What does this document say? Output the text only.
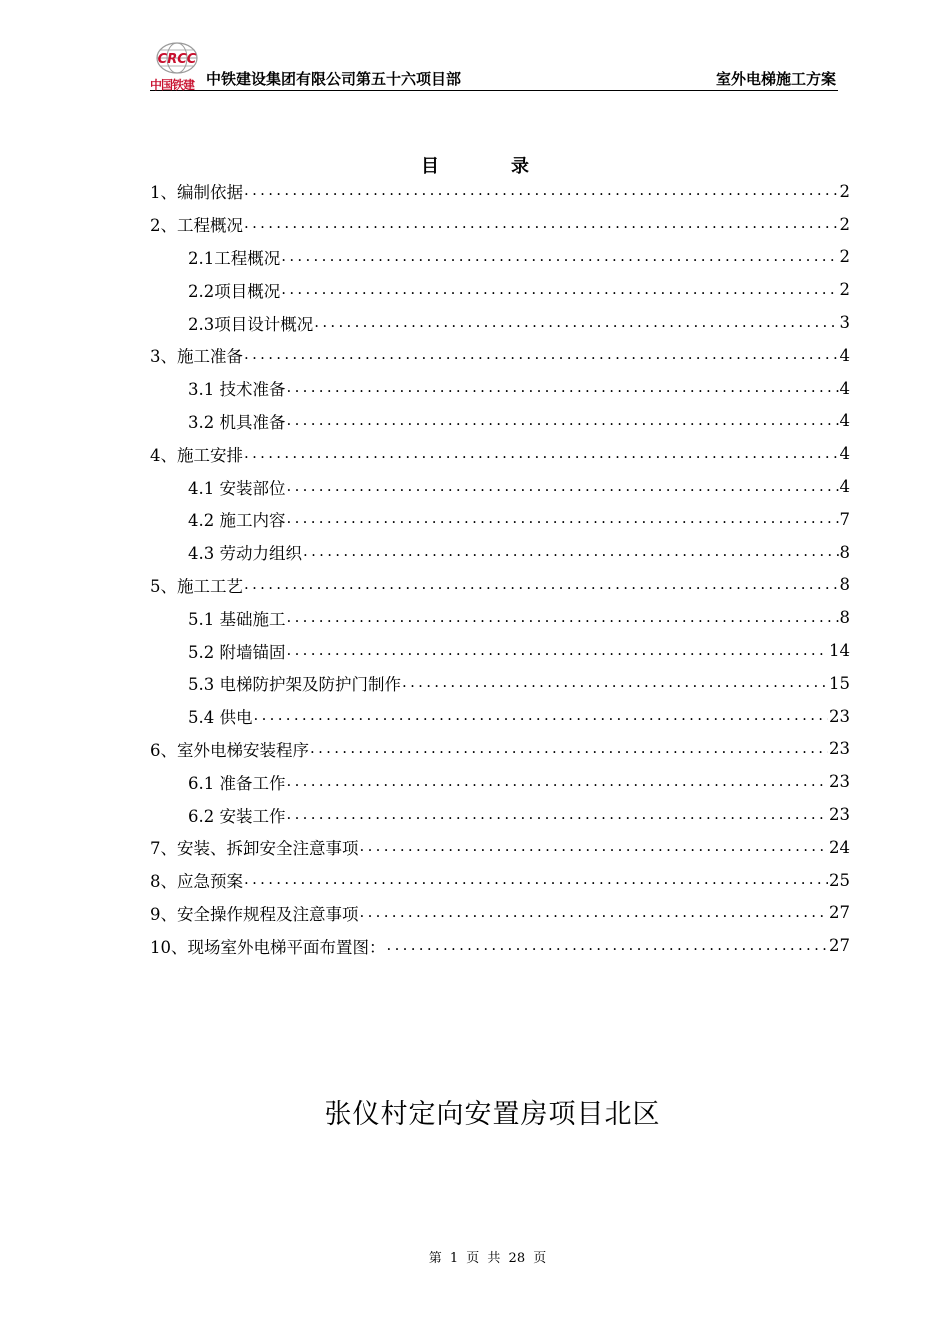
CRCC
中国铁建 中铁建设集团有限公司第五十六项目部	室外电梯施工方案
目	录
1、编制依据 .....	2
2、工程概况 .....	2
2.1工程概况 .....	2
2.2项目概况 .....	2
2.3项目设计概况 .....	3
3、施工准备 .....	4
3.1 技术准备 .....	4
3.2 机具准备 .....	4
4、施工安排 .....	4
4.1 安装部位 .....	4
4.2 施工内容 .....	7
4.3 劳动力组织 .....	8
5、施工工艺 .....	8
5.1 基础施工 .....	8
5.2 附墙锚固 .....	14
5.3 电梯防护架及防护门制作 .....	15
5.4 供电 .....	23
6、室外电梯安装程序 .....	23
6.1 准备工作 .....	23
6.2 安装工作 .....	23
7、安装、拆卸安全注意事项 .....	24
8、应急预案 .....	25
9、安全操作规程及注意事项 .....	27
10、现场室外电梯平面布置图： .....	27
张仪村定向安置房项目北区
第 1 页 共 28 页
